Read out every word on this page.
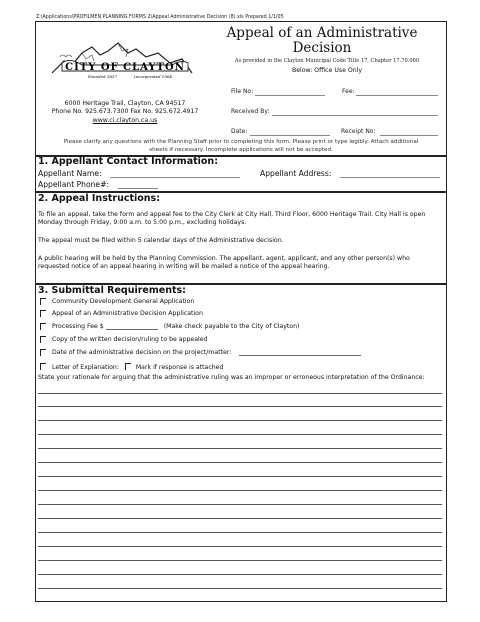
Z:\Applications\PROFILMEN PLANNING FORMS 2\Appeal Administrative Decision (8).xls Prepared 1/1/05
CITY OF CLAYTON
Founded 1857	Incorporated 1964
6000 Heritage Trail, Clayton, CA 94517
Phone No. 925.673.7300 Fax No. 925.672.4917
www.ci.clayton.ca.us
Appeal of an Administrative
Decision
As provided in the Clayton Municipal Code Title 17, Chapter 17.70.060
Below: Office Use Only
File No:	Fee:
Received By:
Date:	Receipt No:
Please clarify any questions with the Planning Staff prior to completing this form. Please print or type legibly. Attach additional
sheets if necessary. Incomplete applications will not be accepted.
1. Appellant Contact Information:
Appellant Name:	Appellant Address:
Appellant Phone#:
2. Appeal Instructions:
To file an appeal, take the form and appeal fee to the City Clerk at City Hall, Third Floor, 6000 Heritage Trail. City Hall is open Monday through Friday, 9:00 a.m. to 5:00 p.m., excluding holidays.
The appeal must be filed within 5 calendar days of the Administrative decision.
A public hearing will be held by the Planning Commission. The appellant, agent, applicant, and any other person(s) who requested notice of an appeal hearing in writing will be mailed a notice of the appeal hearing.
3. Submittal Requirements:
Community Development General Application
Appeal of an Administrative Decision Application
Processing Fee $	(Make check payable to the City of Clayton)
Copy of the written decision/ruling to be appealed
Date of the administrative decision on the project/matter:
Letter of Explanation:	Mark if response is attached
State your rationale for arguing that the administrative ruling was an improper or erroneous interpretation of the Ordinance:
